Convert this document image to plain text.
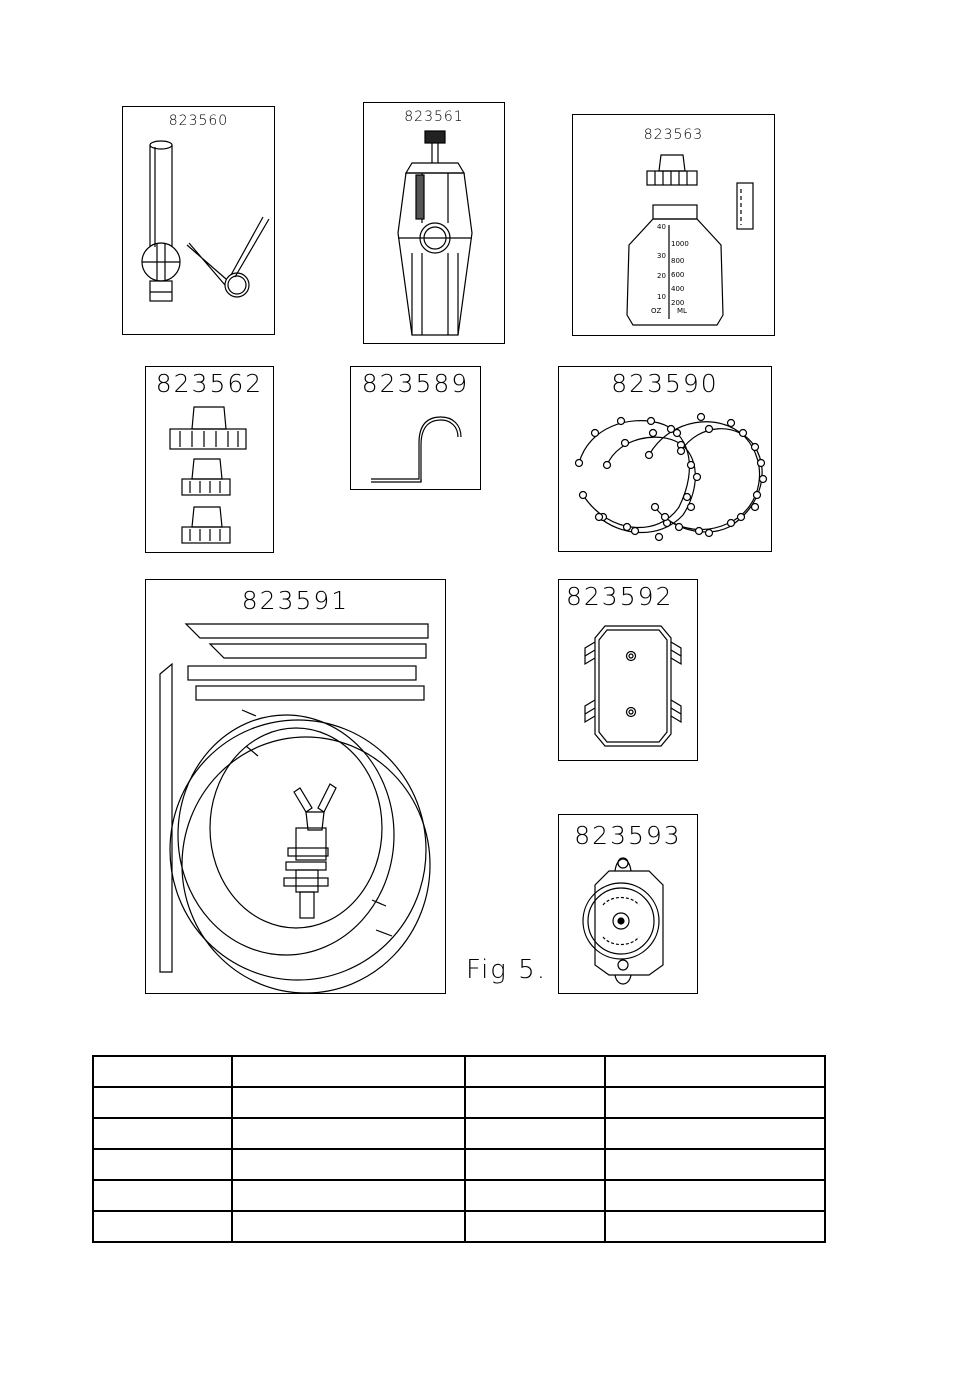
823560	823561
823563
40
30
20
10
OZ
1000
800
600
400
200
ML
823562	823589	823590
823591	823592
823593
Fig 5.
